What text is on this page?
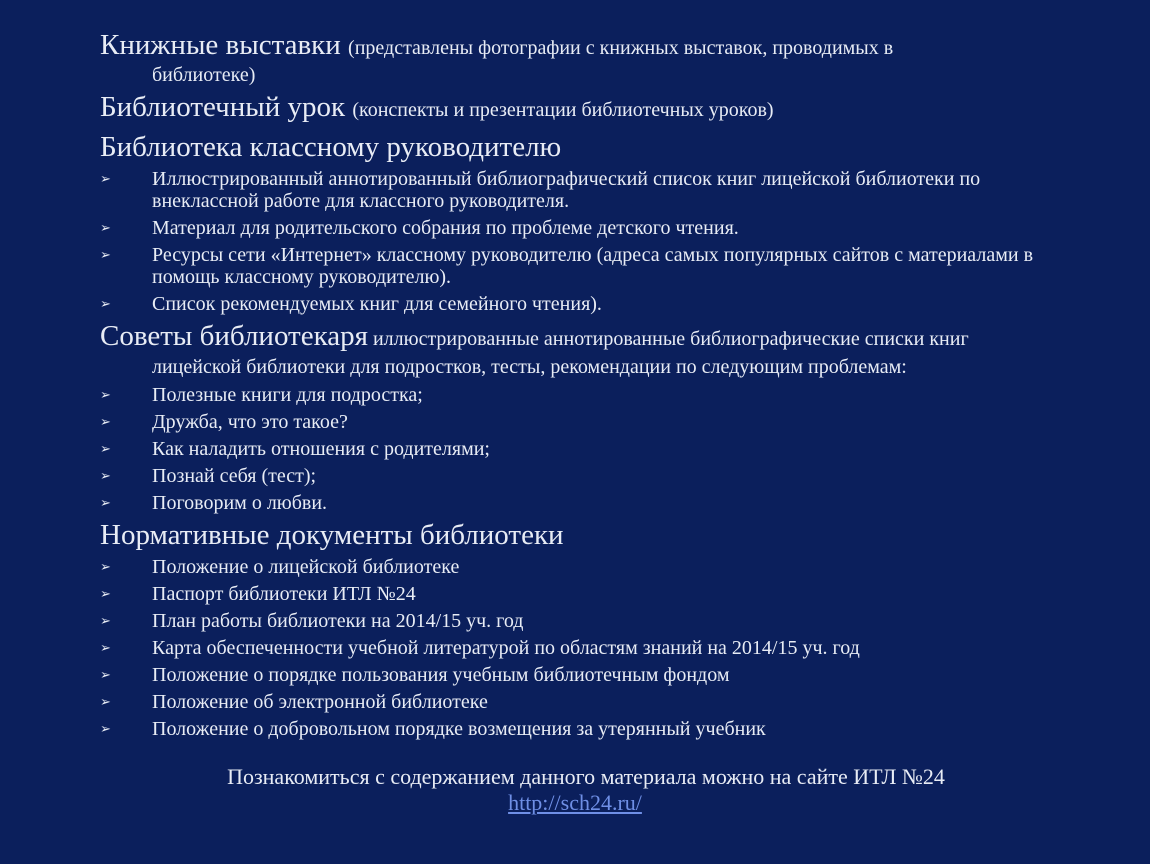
Книжные выставки (представлены фотографии с книжных выставок, проводимых в
библиотеке)
Библиотечный урок (конспекты и презентации библиотечных уроков)
Библиотека классному руководителю
➢ Иллюстрированный аннотированный библиографический список книг лицейской библиотеки по внеклассной работе для классного руководителя.
➢ Материал для родительского собрания по проблеме детского чтения.
➢ Ресурсы сети «Интернет» классному руководителю (адреса самых популярных сайтов с материалами в помощь классному руководителю).
➢ Список рекомендуемых книг для семейного чтения).
Советы библиотекаря иллюстрированные аннотированные библиографические списки книг
лицейской библиотеки для подростков, тесты, рекомендации по следующим проблемам:
➢ Полезные книги для подростка;
➢ Дружба, что это такое?
➢ Как наладить отношения с родителями;
➢ Познай себя (тест);
➢ Поговорим о любви.
Нормативные документы библиотеки
➢ Положение о лицейской библиотеке
➢ Паспорт библиотеки ИТЛ №24
➢ План работы библиотеки на 2014/15 уч. год
➢ Карта обеспеченности учебной литературой по областям знаний на 2014/15 уч. год
➢ Положение о порядке пользования учебным библиотечным фондом
➢ Положение об электронной библиотеке
➢ Положение о добровольном порядке возмещения за утерянный учебник
Познакомиться с содержанием данного материала можно на сайте ИТЛ №24
http://sch24.ru/
